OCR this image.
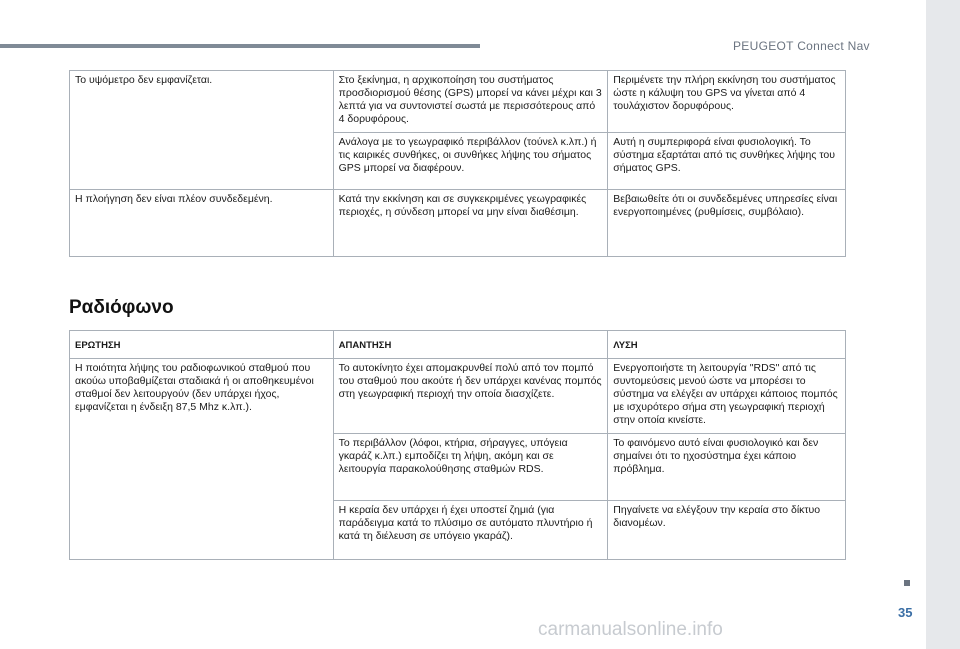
PEUGEOT Connect Nav
Το υψόμετρο δεν εμφανίζεται.	Στο ξεκίνημα, η αρχικοποίηση του συστήματος προσδιορισμού θέσης (GPS) μπορεί να κάνει μέχρι και 3 λεπτά για να συντονιστεί σωστά με περισσότερους από 4 δορυφόρους.	Περιμένετε την πλήρη εκκίνηση του συστήματος ώστε η κάλυψη του GPS να γίνεται από 4 τουλάχιστον δορυφόρους.
	Ανάλογα με το γεωγραφικό περιβάλλον (τούνελ κ.λπ.) ή τις καιρικές συνθήκες, οι συνθήκες λήψης του σήματος GPS μπορεί να διαφέρουν.	Αυτή η συμπεριφορά είναι φυσιολογική. Το σύστημα εξαρτάται από τις συνθήκες λήψης του σήματος GPS.
Η πλοήγηση δεν είναι πλέον συνδεδεμένη.	Κατά την εκκίνηση και σε συγκεκριμένες γεωγραφικές περιοχές, η σύνδεση μπορεί να μην είναι διαθέσιμη.	Βεβαιωθείτε ότι οι συνδεδεμένες υπηρεσίες είναι ενεργοποιημένες (ρυθμίσεις, συμβόλαιο).
Ραδιόφωνο
ΕΡΩΤΗΣΗ	ΑΠΑΝΤΗΣΗ	ΛΥΣΗ
Η ποιότητα λήψης του ραδιοφωνικού σταθμού που ακούω υποβαθμίζεται σταδιακά ή οι αποθηκευμένοι σταθμοί δεν λειτουργούν (δεν υπάρχει ήχος, εμφανίζεται η ένδειξη 87,5 Mhz κ.λπ.).	Το αυτοκίνητο έχει απομακρυνθεί πολύ από τον πομπό του σταθμού που ακούτε ή δεν υπάρχει κανένας πομπός στη γεωγραφική περιοχή την οποία διασχίζετε.	Ενεργοποιήστε τη λειτουργία "RDS" από τις συντομεύσεις μενού ώστε να μπορέσει το σύστημα να ελέγξει αν υπάρχει κάποιος πομπός με ισχυρότερο σήμα στη γεωγραφική περιοχή στην οποία κινείστε.
	Το περιβάλλον (λόφοι, κτήρια, σήραγγες, υπόγεια γκαράζ κ.λπ.) εμποδίζει τη λήψη, ακόμη και σε λειτουργία παρακολούθησης σταθμών RDS.	Το φαινόμενο αυτό είναι φυσιολογικό και δεν σημαίνει ότι το ηχοσύστημα έχει κάποιο πρόβλημα.
	Η κεραία δεν υπάρχει ή έχει υποστεί ζημιά (για παράδειγμα κατά το πλύσιμο σε αυτόματο πλυντήριο ή κατά τη διέλευση σε υπόγειο γκαράζ).	Πηγαίνετε να ελέγξουν την κεραία στο δίκτυο διανομέων.
35
carmanualsonline.info
